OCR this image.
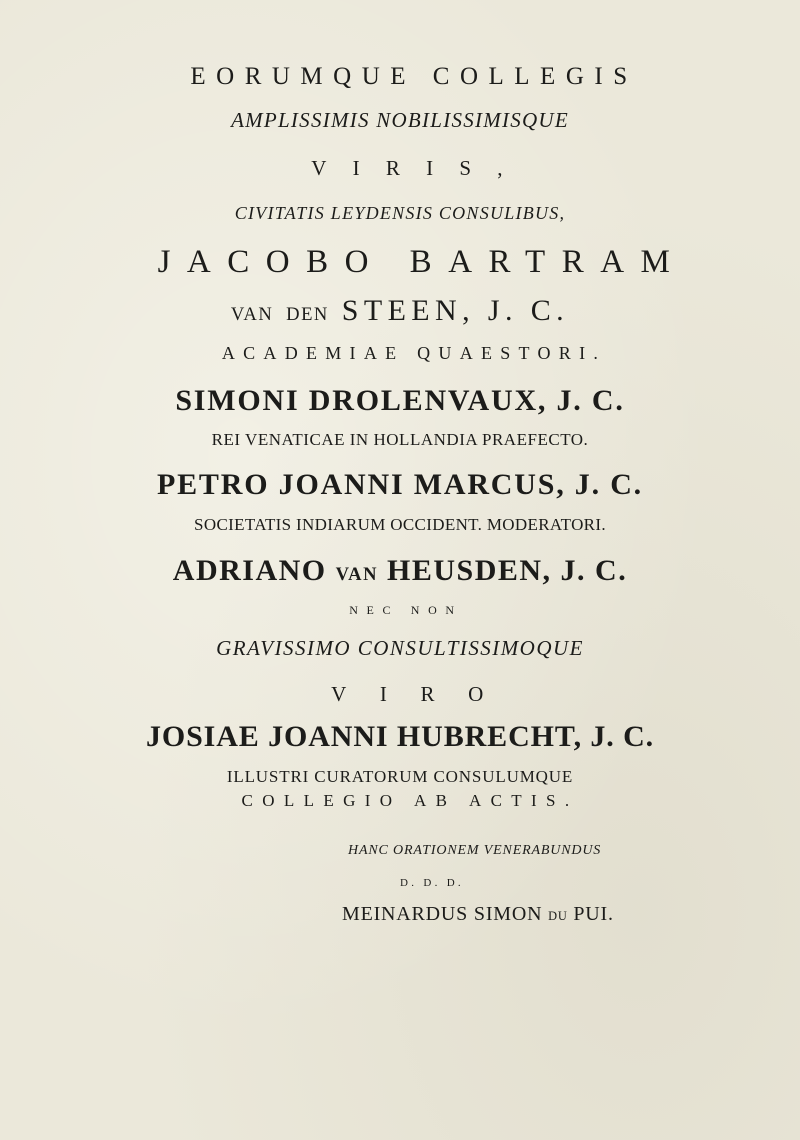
EORUMQUE COLLEGIS
AMPLISSIMIS NOBILISSIMISQUE
VIRIS,
CIVITATIS LEYDENSIS CONSULIBUS,
JACOBO BARTRAM
VAN DEN STEEN, J. C.
ACADEMIAE QUAESTORI.
SIMONI DROLENVAUX, J. C.
REI VENATICAE IN HOLLANDIA PRAEFECTO.
PETRO JOANNI MARCUS, J. C.
SOCIETATIS INDIARUM OCCIDENT. MODERATORI.
ADRIANO VAN HEUSDEN, J. C.
NEC NON
GRAVISSIMO CONSULTISSIMOQUE
VIRO
JOSIAE JOANNI HUBRECHT, J. C.
ILLUSTRI CURATORUM CONSULUMQUE
COLLEGIO AB ACTIS.
HANC ORATIONEM VENERABUNDUS
D. D. D.
MEINARDUS SIMON DU PUI.
